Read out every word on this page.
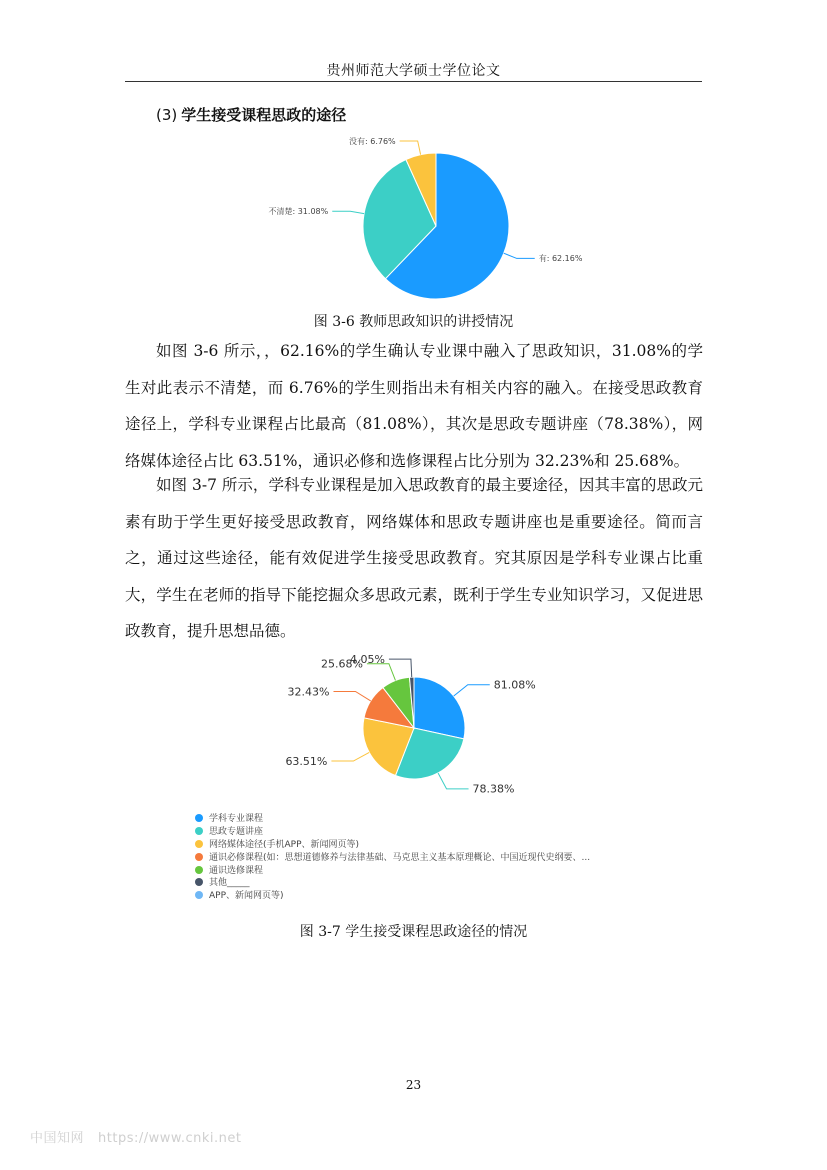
贵州师范大学硕士学位论文
(3) 学生接受课程思政的途径
有: 62.16%
不清楚: 31.08%
没有: 6.76%
图 3-6 教师思政知识的讲授情况

如图 3-6 所示，，62.16%的学生确认专业课中融入了思政知识，31.08%的学生对此表示不清楚，而 6.76%的学生则指出未有相关内容的融入。在接受思政教育途径上，学科专业课程占比最高（81.08%），其次是思政专题讲座（78.38%），网络媒体途径占比 63.51%，通识必修和选修课程占比分别为 32.23%和 25.68%。

如图 3-7 所示，学科专业课程是加入思政教育的最主要途径，因其丰富的思政元素有助于学生更好接受思政教育，网络媒体和思政专题讲座也是重要途径。简而言之，通过这些途径，能有效促进学生接受思政教育。究其原因是学科专业课占比重大，学生在老师的指导下能挖掘众多思政元素，既利于学生专业知识学习，又促进思政教育，提升思想品德。

81.08%
78.38%
63.51%
32.43%
25.68%
4.05%
学科专业课程
思政专题讲座
网络媒体途径(手机APP、新闻网页等)
通识必修课程(如：思想道德修养与法律基础、马克思主义基本原理概论、中国近现代史纲要、...
通识选修课程
其他_____
APP、新闻网页等)
图 3-7 学生接受课程思政途径的情况
23
中国知网 https://www.cnki.net
